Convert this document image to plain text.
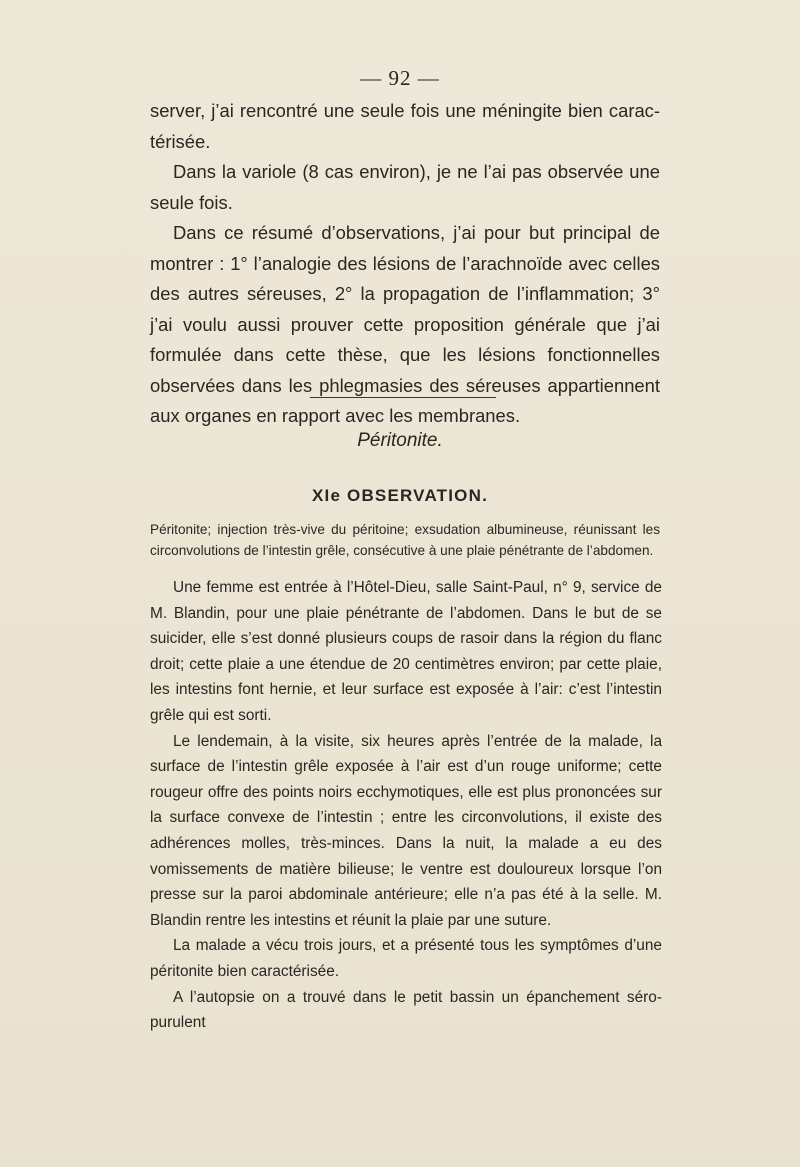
— 92 —

server, j’ai rencontré une seule fois une méningite bien caractérisée.

Dans la variole (8 cas environ), je ne l’ai pas observée une seule fois.

Dans ce résumé d’observations, j’ai pour but principal de montrer : 1° l’analogie des lésions de l’arachnoïde avec celles des autres séreuses, 2° la propagation de l’inflammation; 3° j’ai voulu aussi prouver cette proposition générale que j’ai formulée dans cette thèse, que les lésions fonctionnelles observées dans les phlegmasies des séreuses appartiennent aux organes en rapport avec les membranes.

Péritonite.
XIe OBSERVATION.

Péritonite; injection très-vive du péritoine; exsudation albumineuse, réunissant les circonvolutions de l’intestin grêle, consécutive à une plaie pénétrante de l’abdomen.

Une femme est entrée à l’Hôtel-Dieu, salle Saint-Paul, n° 9, service de M. Blandin, pour une plaie pénétrante de l’abdomen. Dans le but de se suicider, elle s’est donné plusieurs coups de rasoir dans la région du flanc droit; cette plaie a une étendue de 20 centimètres environ; par cette plaie, les intestins font hernie, et leur surface est exposée à l’air: c’est l’intestin grêle qui est sorti.

Le lendemain, à la visite, six heures après l’entrée de la malade, la surface de l’intestin grêle exposée à l’air est d’un rouge uniforme; cette rougeur offre des points noirs ecchymotiques, elle est plus prononcées sur la surface convexe de l’intestin ; entre les circonvolutions, il existe des adhérences molles, très-minces. Dans la nuit, la malade a eu des vomissements de matière bilieuse; le ventre est douloureux lorsque l’on presse sur la paroi abdominale antérieure; elle n’a pas été à la selle. M. Blandin rentre les intestins et réunit la plaie par une suture.

La malade a vécu trois jours, et a présenté tous les symptômes d’une péritonite bien caractérisée.

A l’autopsie on a trouvé dans le petit bassin un épanchement séro-purulent
